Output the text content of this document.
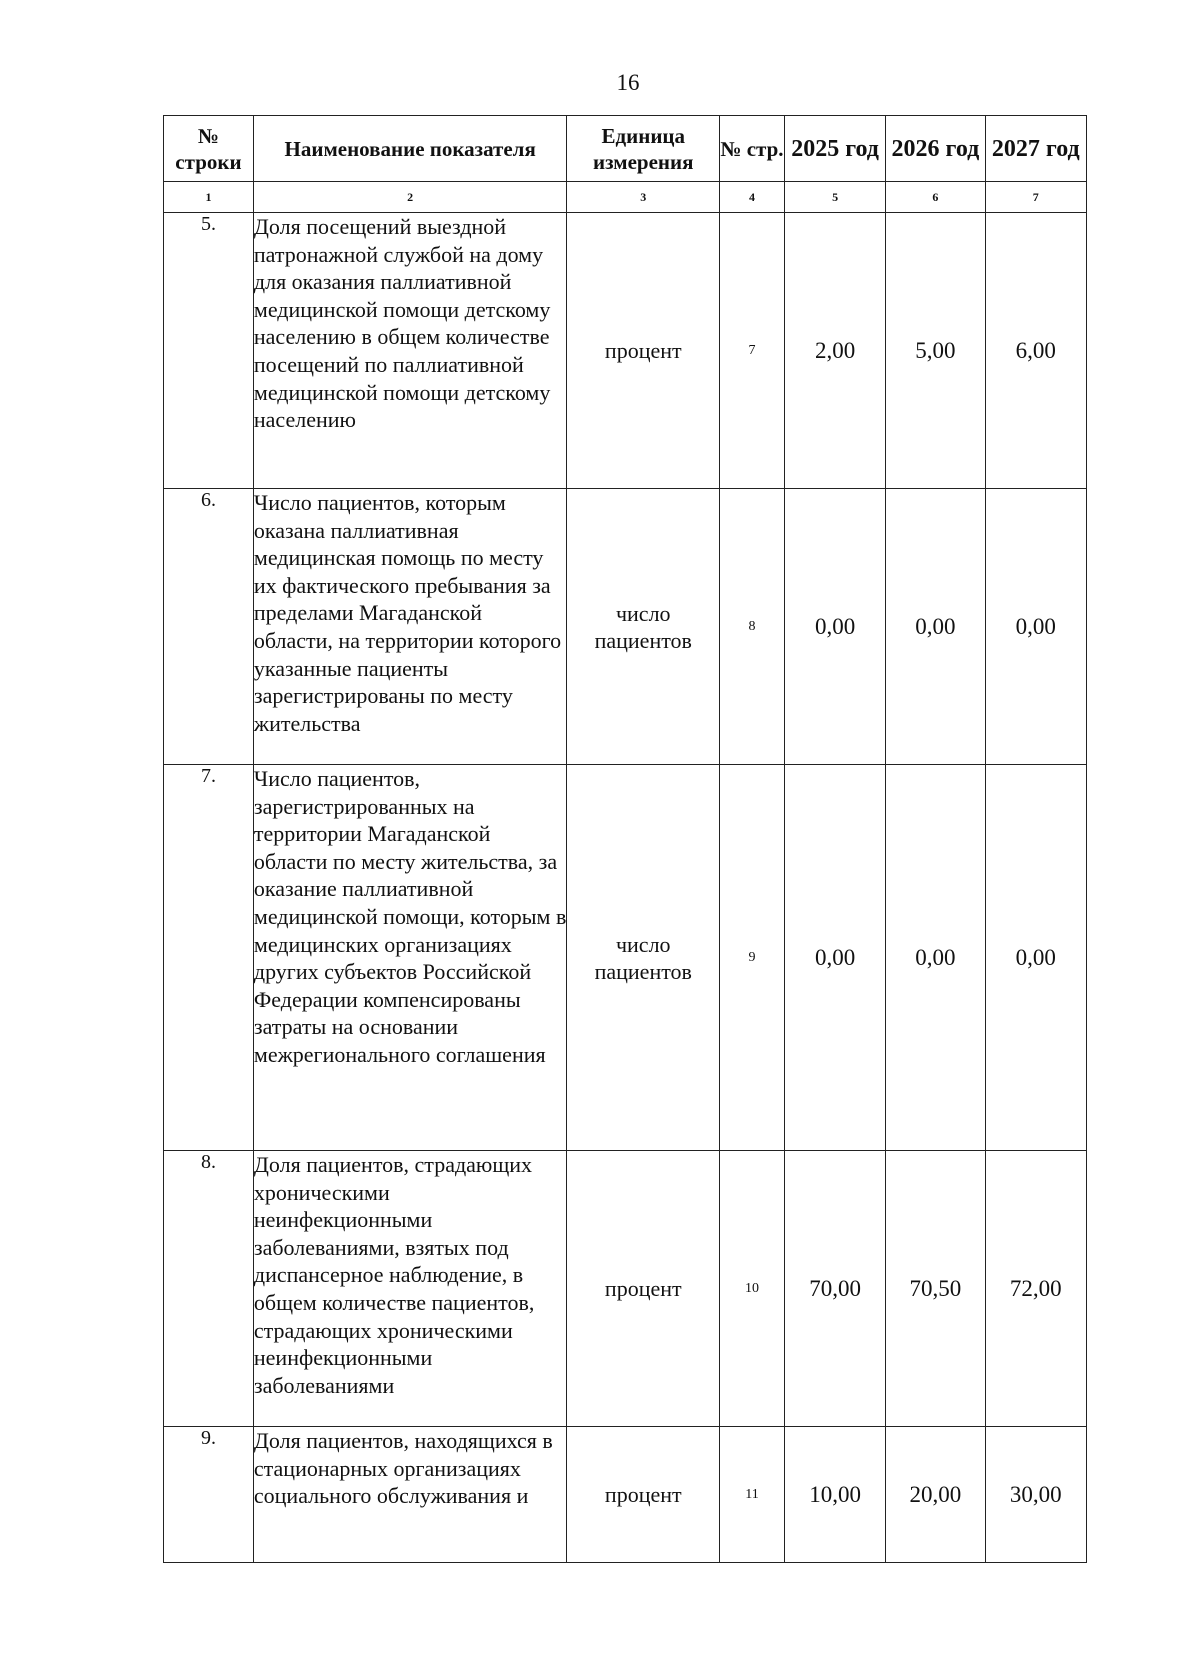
16
№ строки	Наименование показателя	Единица измерения	№ стр.	2025 год	2026 год	2027 год
1	2	3	4	5	6	7
5.	Доля посещений выездной патронажной службой на дому для оказания паллиативной медицинской помощи детскому населению в общем количестве посещений по паллиативной медицинской помощи детскому населению	процент	7	2,00	5,00	6,00
6.	Число пациентов, которым оказана паллиативная медицинская помощь по месту их фактического пребывания за пределами Магаданской области, на территории которого указанные пациенты зарегистрированы по месту жительства	число пациентов	8	0,00	0,00	0,00
7.	Число пациентов, зарегистрированных на территории Магаданской области по месту жительства, за оказание паллиативной медицинской помощи, которым в медицинских организациях других субъектов Российской Федерации компенсированы затраты на основании межрегионального соглашения	число пациентов	9	0,00	0,00	0,00
8.	Доля пациентов, страдающих хроническими неинфекционными заболеваниями, взятых под диспансерное наблюдение, в общем количестве пациентов, страдающих хроническими неинфекционными заболеваниями	процент	10	70,00	70,50	72,00
9.	Доля пациентов, находящихся в стационарных организациях социального обслуживания и	процент	11	10,00	20,00	30,00
